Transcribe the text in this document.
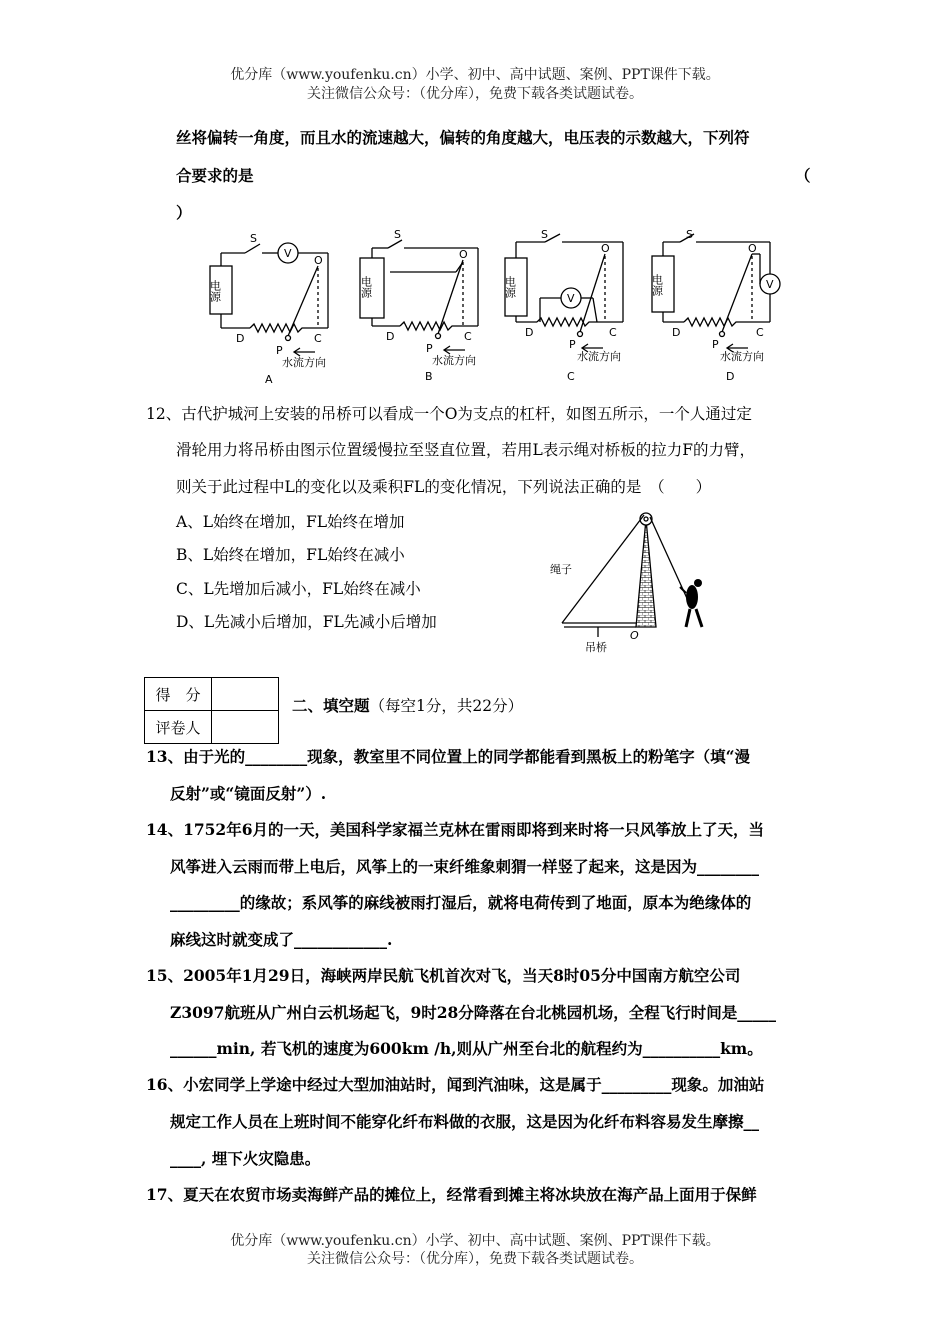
优分库（www.youfenku.cn）小学、初中、高中试题、案例、PPT课件下载。
关注微信公众号：（优分库），免费下载各类试题试卷。
丝将偏转一角度，而且水的流速越大，偏转的角度越大，电压表的示数越大，下列符
合要求的是	（
）
电源
S
V
O
D	C
P
水流方向
A
电源
S
O
D	C
P
水流方向
B
电源
S
V
O
D	C
P
水流方向
C
电源
S
V
O
D	C
P
水流方向
D
12、古代护城河上安装的吊桥可以看成一个O为支点的杠杆，如图五所示，一个人通过定
滑轮用力将吊桥由图示位置缓慢拉至竖直位置，若用L表示绳对桥板的拉力F的力臂，
则关于此过程中L的变化以及乘积FL的变化情况，下列说法正确的是　（　　）
A、L始终在增加，FL始终在增加
B、L始终在增加，FL始终在减小
C、L先增加后减小，FL始终在减小
D、L先减小后增加，FL先减小后增加
绳子
O
吊桥
得　分	
评卷人	
二、填空题（每空1分，共22分）
13、由于光的________现象，教室里不同位置上的同学都能看到黑板上的粉笔字（填“漫
反射”或“镜面反射”）.
14、1752年6月的一天，美国科学家福兰克林在雷雨即将到来时将一只风筝放上了天，当
风筝进入云雨而带上电后，风筝上的一束纤维象刺猬一样竖了起来，这是因为________
_________的缘故；系风筝的麻线被雨打湿后，就将电荷传到了地面，原本为绝缘体的
麻线这时就变成了____________.
15、2005年1月29日，海峡两岸民航飞机首次对飞，当天8时05分中国南方航空公司
Z3097航班从广州白云机场起飞，9时28分降落在台北桃园机场，全程飞行时间是_____
______min, 若飞机的速度为600km /h,则从广州至台北的航程约为__________km。
16、小宏同学上学途中经过大型加油站时，闻到汽油味，这是属于_________现象。加油站
规定工作人员在上班时间不能穿化纤布料做的衣服，这是因为化纤布料容易发生摩擦__
____, 埋下火灾隐患。
17、夏天在农贸市场卖海鲜产品的摊位上，经常看到摊主将冰块放在海产品上面用于保鲜
优分库（www.youfenku.cn）小学、初中、高中试题、案例、PPT课件下载。
关注微信公众号：（优分库），免费下载各类试题试卷。
